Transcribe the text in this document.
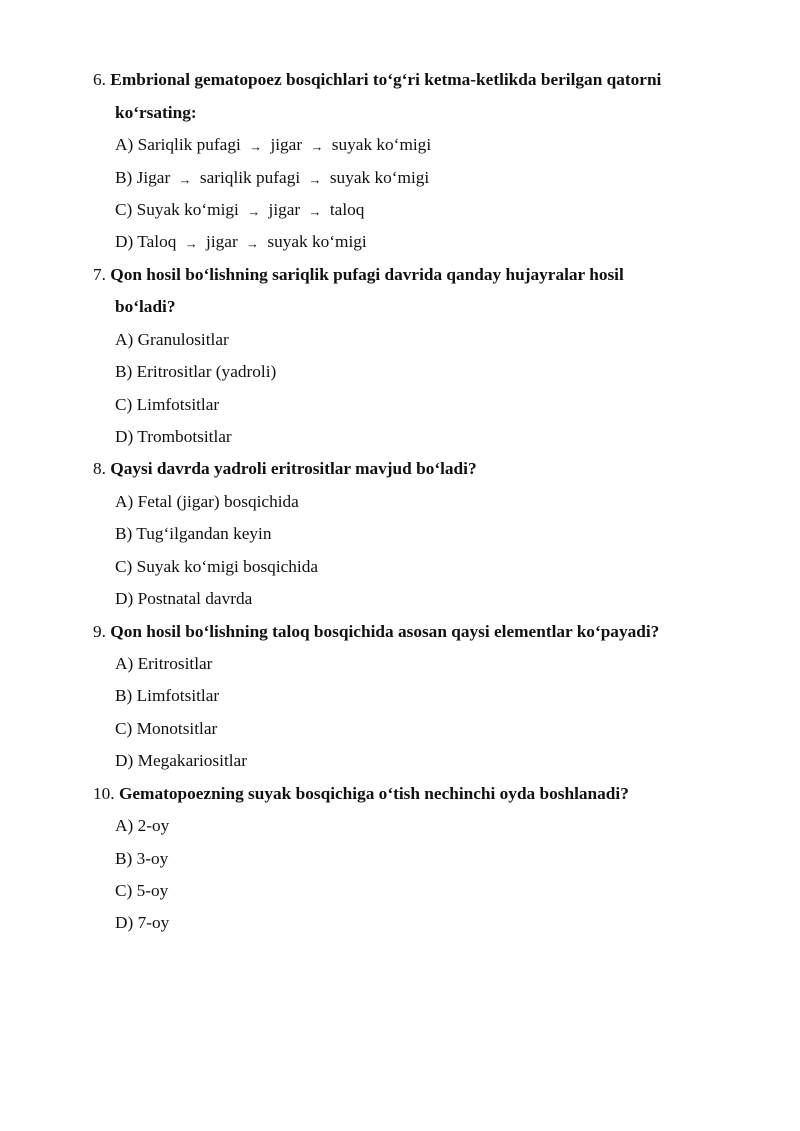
6. Embrional gematopoez bosqichlari to‘g‘ri ketma-ketlikda berilgan qatorni
ko‘rsating:
A) Sariqlik pufagi → jigar → suyak ko‘migi
B) Jigar → sariqlik pufagi → suyak ko‘migi
C) Suyak ko‘migi → jigar → taloq
D) Taloq → jigar → suyak ko‘migi
7. Qon hosil bo‘lishning sariqlik pufagi davrida qanday hujayralar hosil
bo‘ladi?
A) Granulositlar
B) Eritrositlar (yadroli)
C) Limfotsitlar
D) Trombotsitlar
8. Qaysi davrda yadroli eritrositlar mavjud bo‘ladi?
A) Fetal (jigar) bosqichida
B) Tug‘ilgandan keyin
C) Suyak ko‘migi bosqichida
D) Postnatal davrda
9. Qon hosil bo‘lishning taloq bosqichida asosan qaysi elementlar ko‘payadi?
A) Eritrositlar
B) Limfotsitlar
C) Monotsitlar
D) Megakariositlar
10. Gematopoezning suyak bosqichiga o‘tish nechinchi oyda boshlanadi?
A) 2-oy
B) 3-oy
C) 5-oy
D) 7-oy
